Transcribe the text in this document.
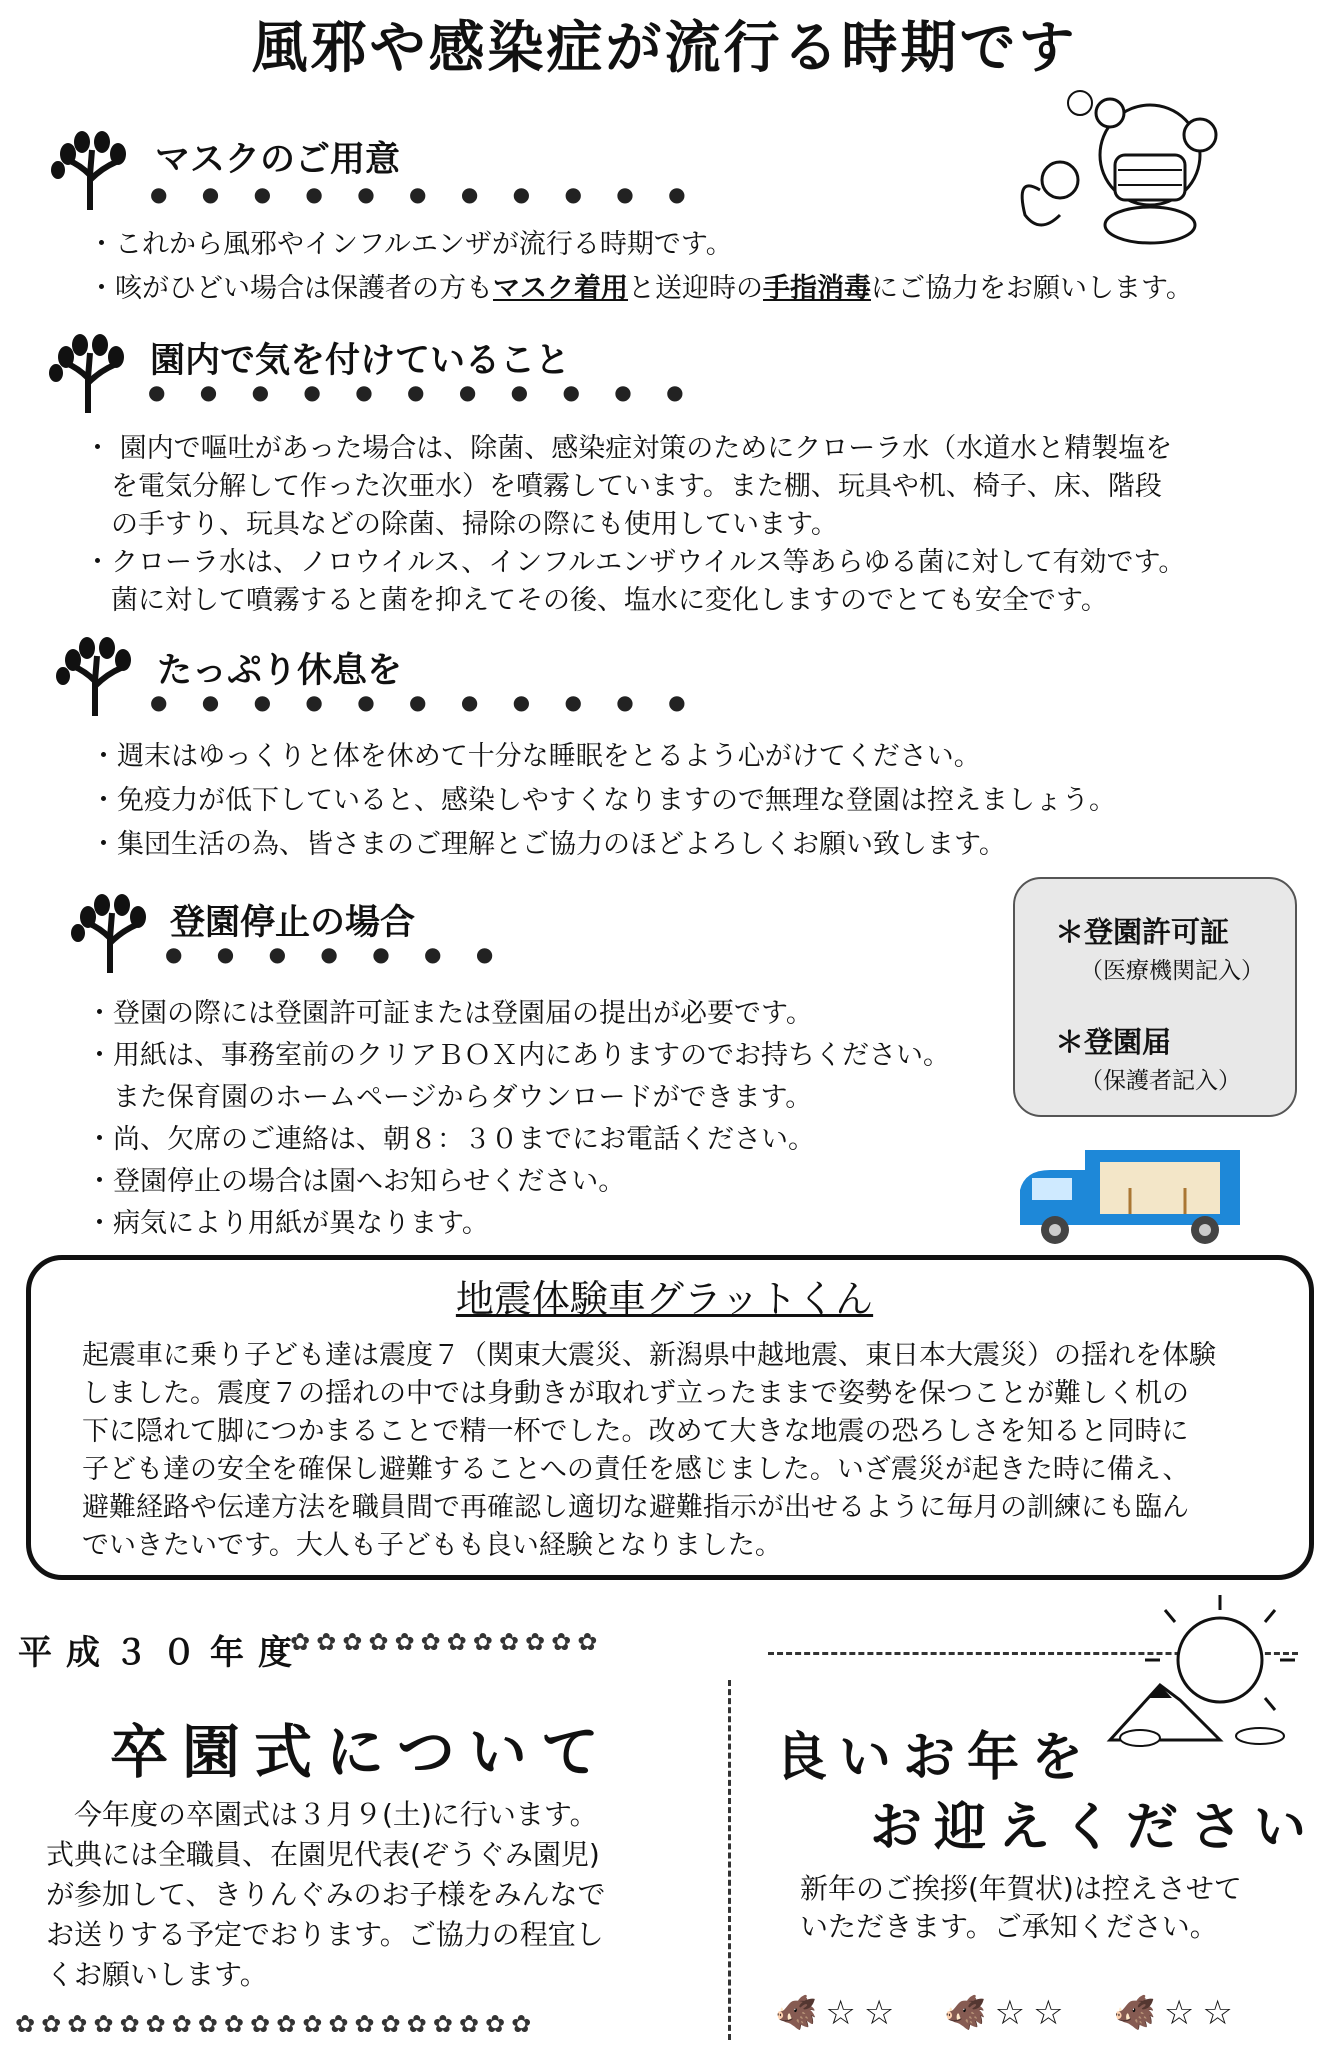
風邪や感染症が流行る時期です
マスクのご用意
● ● ● ● ● ● ● ● ● ● ●
・これから風邪やインフルエンザが流行る時期です。
・咳がひどい場合は保護者の方もマスク着用と送迎時の手指消毒にご協力をお願いします。
園内で気を付けていること
● ● ● ● ● ● ● ● ● ● ●
・ 園内で嘔吐があった場合は、除菌、感染症対策のためにクローラ水（水道水と精製塩を
　を電気分解して作った次亜水）を噴霧しています。また棚、玩具や机、椅子、床、階段
　の手すり、玩具などの除菌、掃除の際にも使用しています。
・クローラ水は、ノロウイルス、インフルエンザウイルス等あらゆる菌に対して有効です。
　菌に対して噴霧すると菌を抑えてその後、塩水に変化しますのでとても安全です。
たっぷり休息を
● ● ● ● ● ● ● ● ● ● ●
・週末はゆっくりと体を休めて十分な睡眠をとるよう心がけてください。
・免疫力が低下していると、感染しやすくなりますので無理な登園は控えましょう。
・集団生活の為、皆さまのご理解とご協力のほどよろしくお願い致します。
登園停止の場合
● ● ● ● ● ● ●
・登園の際には登園許可証または登園届の提出が必要です。
・用紙は、事務室前のクリアＢＯＸ内にありますのでお持ちください。
　また保育園のホームページからダウンロードができます。
・尚、欠席のご連絡は、朝８：３０までにお電話ください。
・登園停止の場合は園へお知らせください。
・病気により用紙が異なります。
＊登園許可証
（医療機関記入）
＊登園届
（保護者記入）
地震体験車グラットくん
起震車に乗り子ども達は震度７（関東大震災、新潟県中越地震、東日本大震災）の揺れを体験
しました。震度７の揺れの中では身動きが取れず立ったままで姿勢を保つことが難しく机の
下に隠れて脚につかまることで精一杯でした。改めて大きな地震の恐ろしさを知ると同時に
子ども達の安全を確保し避難することへの責任を感じました。いざ震災が起きた時に備え、
避難経路や伝達方法を職員間で再確認し適切な避難指示が出せるように毎月の訓練にも臨ん
でいきたいです。大人も子どもも良い経験となりました。
平成３０年度
✿✿✿✿✿✿✿✿✿✿✿✿
卒園式について
　今年度の卒園式は３月９(土)に行います。
式典には全職員、在園児代表(ぞうぐみ園児)
が参加して、きりんぐみのお子様をみんなで
お送りする予定でおります。ご協力の程宜し
くお願いします。
✿✿✿✿✿✿✿✿✿✿✿✿✿✿✿✿✿✿✿✿
良いお年を
お迎えください
新年のご挨拶(年賀状)は控えさせて
いただきます。ご承知ください。
🐗☆☆　🐗☆☆　🐗☆☆
